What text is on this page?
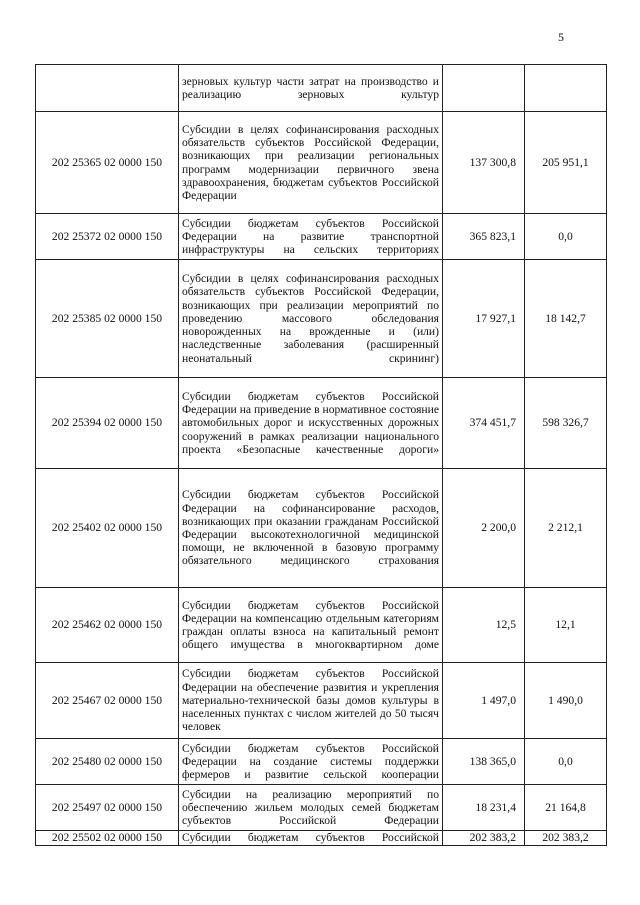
5
	зерновых культур части затрат на производство и реализацию зерновых культур		
202 25365 02 0000 150	Субсидии в целях софинансирования расходных обязательств субъектов Российской Федерации, возникающих при реализации региональных программ модернизации первичного звена здравоохранения, бюджетам субъектов Российской Федерации	137 300,8	205 951,1
202 25372 02 0000 150	Субсидии бюджетам субъектов Российской Федерации на развитие транспортной инфраструктуры на сельских территориях	365 823,1	0,0
202 25385 02 0000 150	Субсидии в целях софинансирования расходных обязательств субъектов Российской Федерации, возникающих при реализации мероприятий по проведению массового обследования новорожденных на врожденные и (или) наследственные заболевания (расширенный неонатальный скрининг)	17 927,1	18 142,7
202 25394 02 0000 150	Субсидии бюджетам субъектов Российской Федерации на приведение в нормативное состояние автомобильных дорог и искусственных дорожных сооружений в рамках реализации национального проекта «Безопасные качественные дороги»	374 451,7	598 326,7
202 25402 02 0000 150	Субсидии бюджетам субъектов Российской Федерации на софинансирование расходов, возникающих при оказании гражданам Российской Федерации высокотехнологичной медицинской помощи, не включенной в базовую программу обязательного медицинского страхования	2 200,0	2 212,1
202 25462 02 0000 150	Субсидии бюджетам субъектов Российской Федерации на компенсацию отдельным категориям граждан оплаты взноса на капитальный ремонт общего имущества в многоквартирном доме	12,5	12,1
202 25467 02 0000 150	Субсидии бюджетам субъектов Российской Федерации на обеспечение развития и укрепления материально-технической базы домов культуры в населенных пунктах с числом жителей до 50 тысяч человек	1 497,0	1 490,0
202 25480 02 0000 150	Субсидии бюджетам субъектов Российской Федерации на создание системы поддержки фермеров и развитие сельской кооперации	138 365,0	0,0
202 25497 02 0000 150	Субсидии на реализацию мероприятий по обеспечению жильем молодых семей бюджетам субъектов Российской Федерации	18 231,4	21 164,8
202 25502 02 0000 150	Субсидии бюджетам субъектов Российской	202 383,2	202 383,2
